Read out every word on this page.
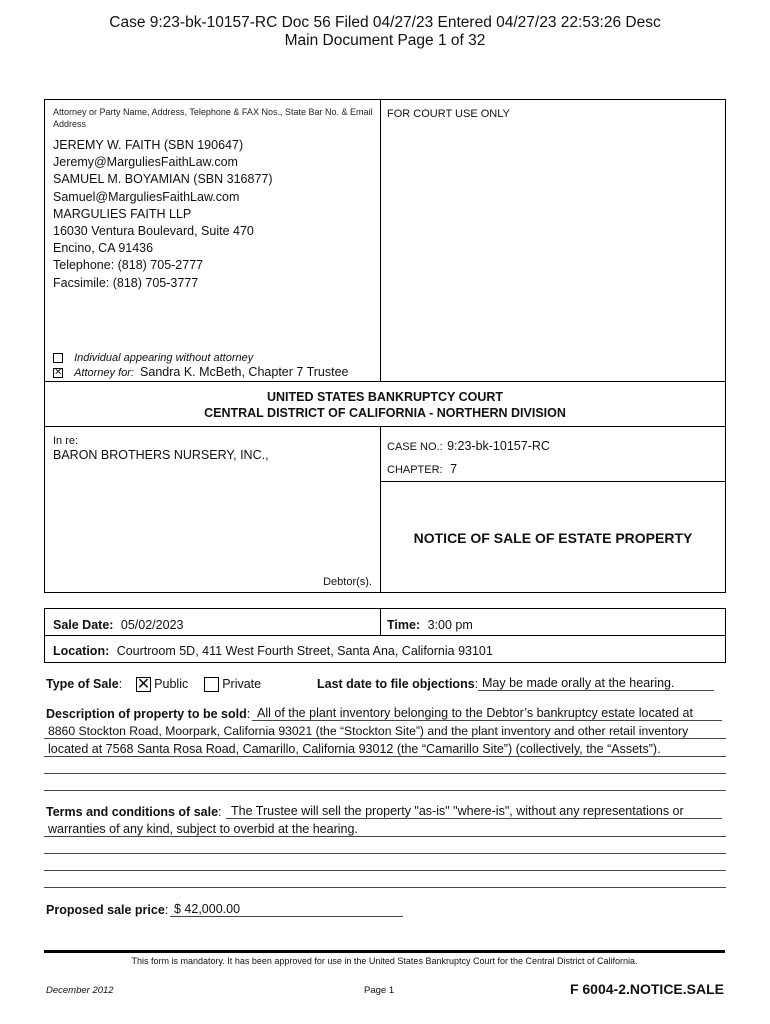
Case 9:23-bk-10157-RC Doc 56 Filed 04/27/23 Entered 04/27/23 22:53:26 Desc
Main Document Page 1 of 32
Attorney or Party Name, Address, Telephone & FAX Nos., State Bar No. & Email Address
JEREMY W. FAITH (SBN 190647)
Jeremy@MarguliesFaithLaw.com
SAMUEL M. BOYAMIAN (SBN 316877)
Samuel@MarguliesFaithLaw.com
MARGULIES FAITH LLP
16030 Ventura Boulevard, Suite 470
Encino, CA 91436
Telephone: (818) 705-2777
Facsimile: (818) 705-3777
Individual appearing without attorney
✕ Attorney for: Sandra K. McBeth, Chapter 7 Trustee
FOR COURT USE ONLY
UNITED STATES BANKRUPTCY COURT
CENTRAL DISTRICT OF CALIFORNIA - NORTHERN DIVISION
In re:
BARON BROTHERS NURSERY, INC.,
Debtor(s).
CASE NO.: 9:23-bk-10157-RC
CHAPTER: 7
NOTICE OF SALE OF ESTATE PROPERTY
Sale Date: 05/02/2023	Time: 3:00 pm
Location: Courtroom 5D, 411 West Fourth Street, Santa Ana, California 93101
Type of Sale: ✕ Public	Private	Last date to file objections: May be made orally at the hearing.
Description of property to be sold: All of the plant inventory belonging to the Debtor’s bankruptcy estate located at
8860 Stockton Road, Moorpark, California 93021 (the “Stockton Site”) and the plant inventory and other retail inventory
located at 7568 Santa Rosa Road, Camarillo, California 93012 (the “Camarillo Site”) (collectively, the “Assets”).
Terms and conditions of sale: The Trustee will sell the property "as-is" "where-is", without any representations or
warranties of any kind, subject to overbid at the hearing.
Proposed sale price: $ 42,000.00
This form is mandatory. It has been approved for use in the United States Bankruptcy Court for the Central District of California.
December 2012	Page 1	F 6004-2.NOTICE.SALE
